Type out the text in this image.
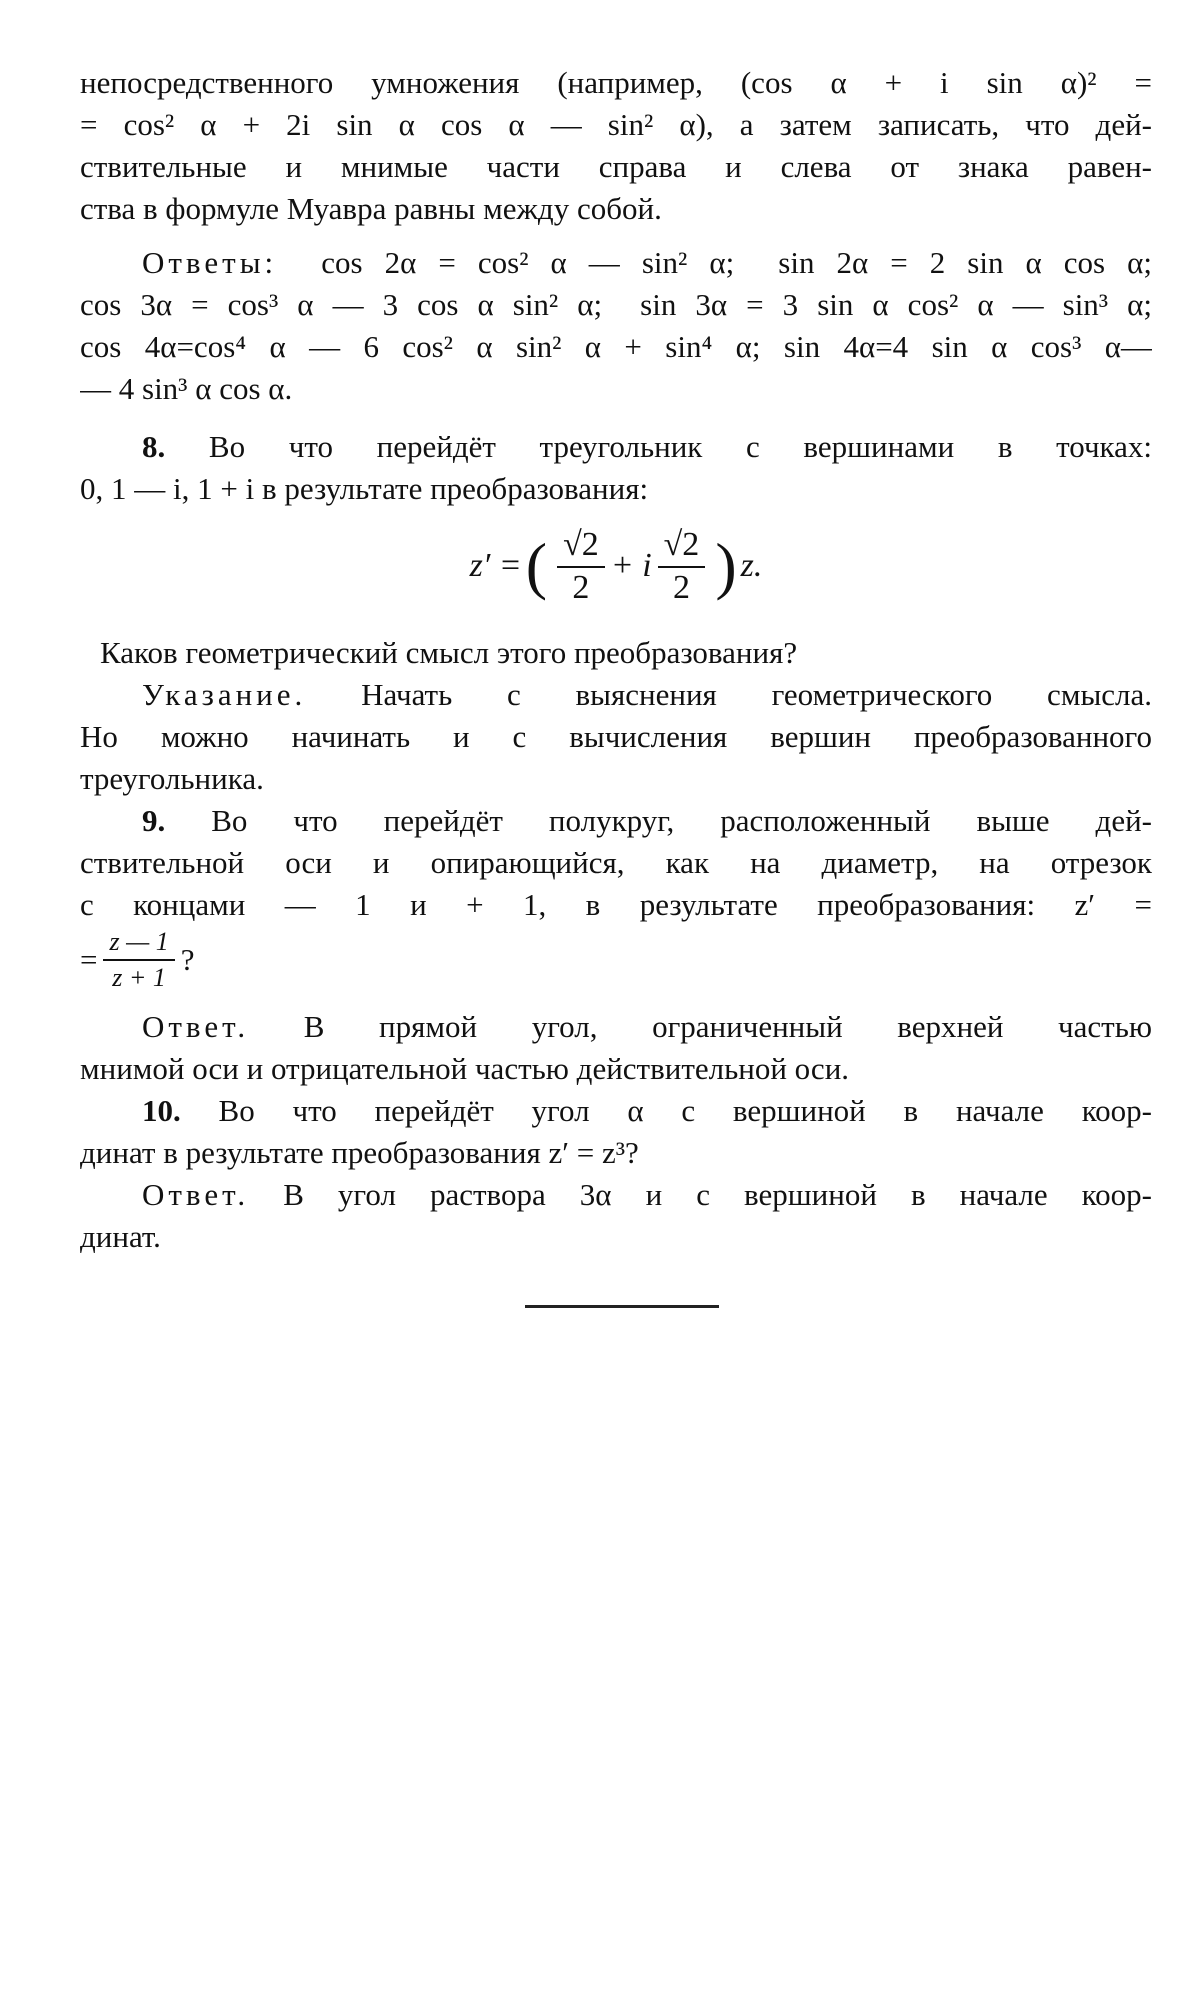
непосредственного умножения (например, (cos α + i sin α)² =
= cos² α + 2i sin α cos α — sin² α), а затем записать, что дей-
ствительные и мнимые части справа и слева от знака равен-
ства в формуле Муавра равны между собой.
Ответы: cos 2α = cos² α — sin² α;  sin 2α = 2 sin α cos α;
cos 3α = cos³ α — 3 cos α sin² α;  sin 3α = 3 sin α cos² α — sin³ α;
cos 4α=cos⁴ α — 6 cos² α sin² α + sin⁴ α; sin 4α=4 sin α cos³ α—
— 4 sin³ α cos α.
8. Во что перейдёт треугольник с вершинами в точках:
0, 1 — i, 1 + i в результате преобразования:
z′ = ( $\frac{√2}{2} + i \frac{√2}{2}$ ) z.
Каков геометрический смысл этого преобразования?
Указание. Начать с выяснения геометрического смысла.
Но можно начинать и с вычисления вершин преобразованного
треугольника.
9. Во что перейдёт полукруг, расположенный выше дей-
ствительной оси и опирающийся, как на диаметр, на отрезок
с концами — 1 и + 1, в результате преобразования: z′ =
= $\frac{z — 1}{z + 1}$ ?
Ответ. В прямой угол, ограниченный верхней частью
мнимой оси и отрицательной частью действительной оси.
10. Во что перейдёт угол α с вершиной в начале коор-
динат в результате преобразования z′ = z³?
Ответ. В угол раствора 3α и с вершиной в начале коор-
динат.
